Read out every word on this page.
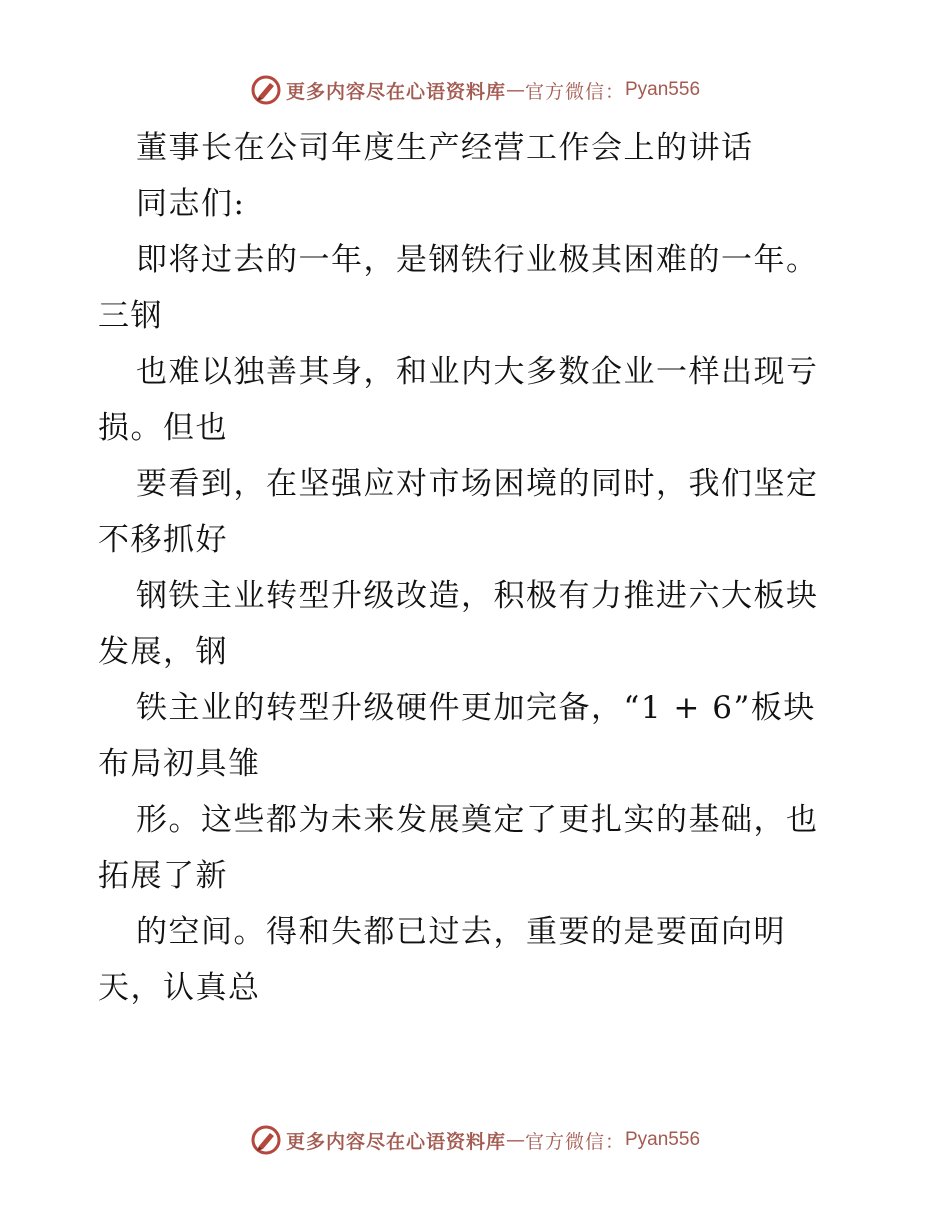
更多内容尽在心语资料库 — 官方微信： Pyan556
董事长在公司年度生产经营工作会上的讲话
同志们:
即将过去的一年，是钢铁行业极其困难的一年。
三钢
也难以独善其身，和业内大多数企业一样出现亏
损。但也
要看到，在坚强应对市场困境的同时，我们坚定
不移抓好
钢铁主业转型升级改造，积极有力推进六大板块
发展，钢
铁主业的转型升级硬件更加完备，“1 + 6”板块
布局初具雏
形。这些都为未来发展奠定了更扎实的基础，也
拓展了新
的空间。得和失都已过去，重要的是要面向明
天，认真总
更多内容尽在心语资料库 — 官方微信： Pyan556
